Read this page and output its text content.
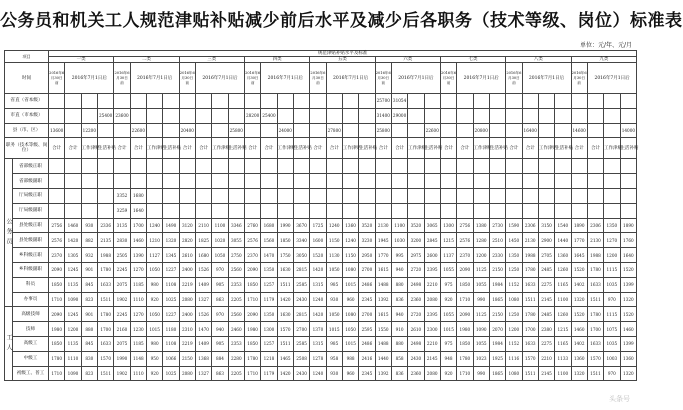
公务员和机关工人规范津贴补贴减少前后水平及减少后各职务（技术等级、岗位）标准表
单位：元/年、元/月
项目		规范津贴补贴水平及标准																																			
		一类				二类				三类				四类				五类				六类				七类				八类				九类			
时间		2016年6月30日前	2016年7月1日后			2016年6月30日前	2016年7月1日后			2016年6月30日前	2016年7月1日后			2016年6月30日前	2016年7月1日后			2016年6月30日前	2016年7月1日后			2016年6月30日前	2016年7月1日后			2016年6月30日前	2016年7月1日后			2016年6月30日前	2016年7月1日后			2016年6月30日前	2016年7月1日后		
省直（省本级）																						25700	31054														
市直（市本级）					25400	23600								28200	25400							31400	29000														
县（市、区）		13600		12200			22600			20400			25800			24000			27800			25800			22600			20800			16400			14600			14000
职务（技术等级、岗位）		合计	合计	工作津贴	生活补贴	合计	合计	工作津贴	生活补贴	合计	合计	工作津贴	生活补贴	合计	合计	工作津贴	生活补贴	合计	合计	工作津贴	生活补贴	合计	合计	工作津贴	生活补贴	合计	合计	工作津贴	生活补贴	合计	合计	工作津贴	生活补贴	合计	合计	工作津贴	生活补贴
公务员	省部级正职																																				
	省部级副职																																				
	厅局级正职					3352	1680																														
	厅局级副职					3259	1640																														
	县处级正职	2756	1460	930	2336	3135	1700	1240	1490	3120	2110	1100	3346	2760	1680	1990	3670	1725	1240	1360	3520	2130	1100	3520	3065	1300	2756	1380	2730	1590	2306	3150	1540	1890	2306	1350	1890
	县处级副职	2576	1420	882	2135	2830	1460	1210	1320	2820	1825	1020	3055	2576	1560	1850	3340	1600	1150	1240	3230	1945	1030	3200	2845	1215	2576	1280	2510	1450	2130	2900	1440	1770	2130	1270	1760
	乡科级正职	2370	1305	932	1988	2505	1390	1127	1345	2610	1680	1050	2750	2370	1470	1750	3050	1520	1130	1150	2950	1770	995	2975	2600	1137	2370	1200	2330	1350	1988	2705	1360	1645	1988	1200	1640
	乡科级副职	2090	1245	901	1780	2245	1270	1050	1227	2400	1526	970	2560	2090	1350	1630	2815	1420	1050	1080	2700	1615	940	2720	2395	1055	2090	1125	2150	1250	1780	2485	1260	1520	1780	1115	1520
	科员	1850	1135	845	1633	2075	1185	980	1108	2219	1409	905	2353	1850	1257	1511	2585	1315	985	1015	2486	1488	880	2498	2210	975	1850	1055	1984	1152	1633	2275	1165	1402	1633	1035	1399
	办事员	1710	1090	823	1511	1902	1110	920	1025	2080	1327	863	2205	1710	1179	1420	2430	1240	930	960	2345	1392	836	2360	2080	920	1710	990	1865	1080	1511	2145	1100	1320	1511	970	1320
工人	高级技师	2090	1245	901	1780	2245	1270	1050	1227	2400	1526	970	2560	2090	1350	1630	2815	1420	1050	1080	2700	1615	940	2720	2395	1055	2090	1125	2150	1250	1780	2485	1260	1520	1780	1115	1520
	技师	1980	1200	880	1700	2160	1230	1015	1180	2310	1470	940	2460	1980	1300	1570	2700	1370	1015	1050	2595	1550	910	2610	2300	1015	1980	1090	2070	1200	1700	2380	1215	1460	1700	1075	1460
	高级工	1850	1135	845	1633	2075	1185	980	1108	2219	1409	905	2353	1850	1257	1511	2585	1315	985	1015	2486	1488	880	2498	2210	975	1850	1055	1984	1152	1633	2275	1165	1402	1633	1035	1399
	中级工	1780	1110	830	1570	1990	1148	950	1066	2150	1368	884	2280	1780	1218	1465	2508	1278	958	988	2416	1440	858	2430	2145	948	1780	1023	1925	1116	1570	2210	1133	1360	1570	1003	1360
	初级工、普工	1710	1090	823	1511	1902	1110	920	1025	2080	1327	863	2205	1710	1179	1420	2430	1240	930	960	2345	1392	836	2360	2080	920	1710	990	1865	1080	1511	2145	1100	1320	1511	970	1320
头条号
